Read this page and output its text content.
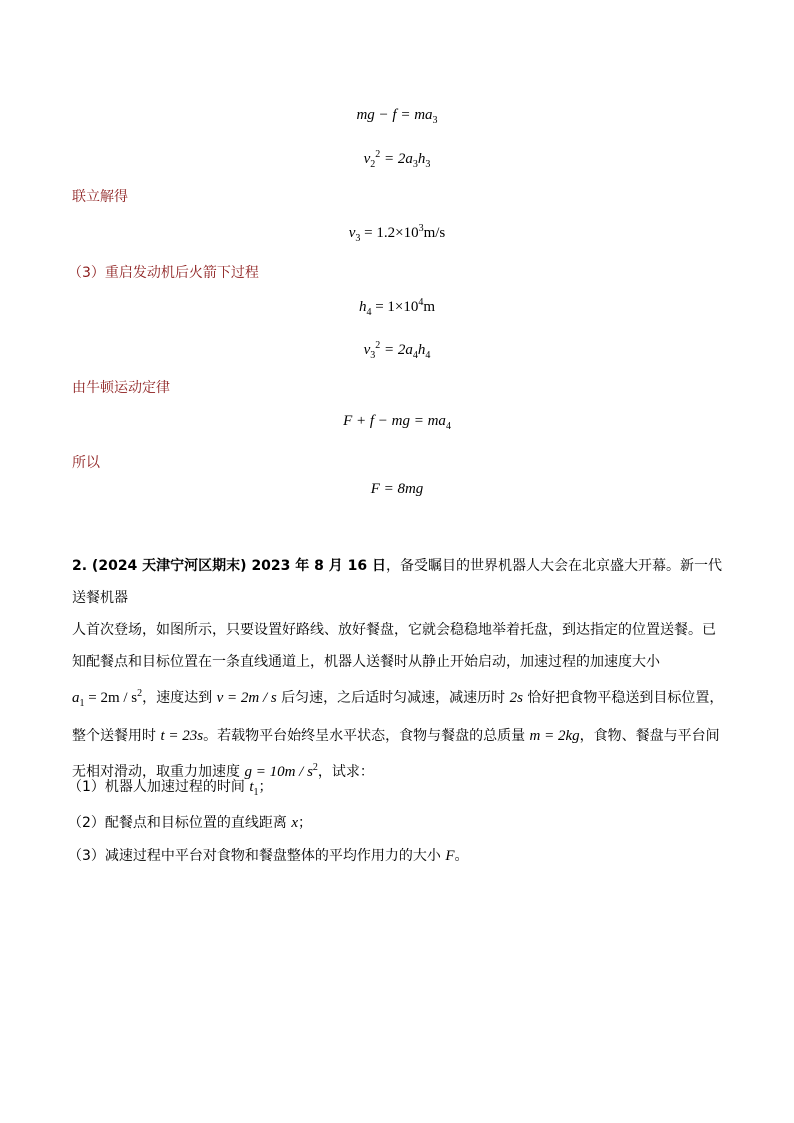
mg − $f = ma_3$
$v_2^2 = 2a_3h_3$
联立解得
$v_3 = 1.2\times 10^3m/s$
（3）重启发动机后火箭下过程
$h_4 = 1\times 10^4m$
$v_3^2 = 2a_4h_4$
由牛顿运动定律
F + f − mg = $ma_4$
所以
F = 8mg
2. (2024 天津宁河区期末) 2023 年 8 月 16 日，备受瞩目的世界机器人大会在北京盛大开幕。新一代送餐机器
人首次登场，如图所示，只要设置好路线、放好餐盘，它就会稳稳地举着托盘，到达指定的位置送餐。已
知配餐点和目标位置在一条直线通道上，机器人送餐时从静止开始启动，加速过程的加速度大小
$a_1 = 2m / s^2$，速度达到 v = 2m / s 后匀速，之后适时匀减速，减速历时 2s 恰好把食物平稳送到目标位置，
整个送餐用时 t = 23s。若载物平台始终呈水平状态，食物与餐盘的总质量 m = 2kg，食物、餐盘与平台间
无相对滑动，取重力加速度 $g = 10m / s^2$，试求：
（1）机器人加速过程的时间 $t_1$；
（2）配餐点和目标位置的直线距离 x；
（3）减速过程中平台对食物和餐盘整体的平均作用力的大小 F。
